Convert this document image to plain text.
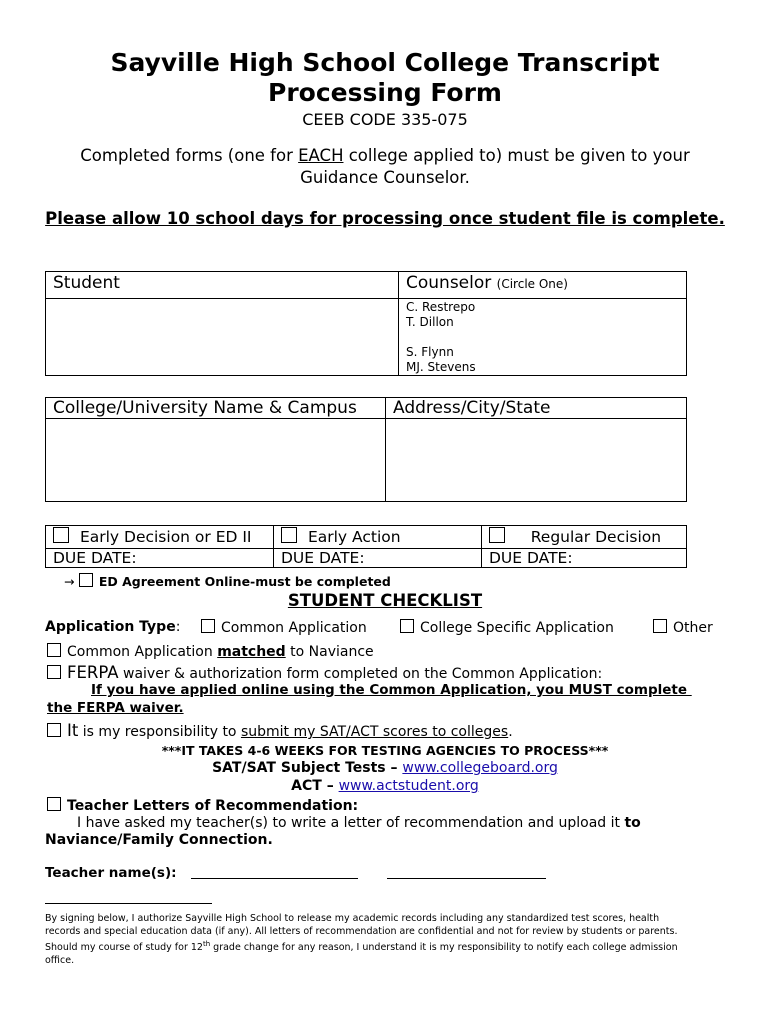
Sayville High School College Transcript
Processing Form
CEEB CODE 335-075
Completed forms (one for EACH college applied to) must be given to your Guidance Counselor.
Please allow 10 school days for processing once student file is complete.
Student	Counselor (Circle One)

	C. Restrepo
T. Dillon
S. Flynn
MJ. Stevens
College/University Name & Campus	Address/City/State

Early Decision or ED II	Early Action	Regular Decision
DUE DATE:	DUE DATE:	DUE DATE:
→ ED Agreement Online-must be completed
STUDENT CHECKLIST
Application Type:	Common Application	College Specific Application	Other
Common Application matched to Naviance
FERPA waiver & authorization form completed on the Common Application:
If you have applied online using the Common Application, you MUST complete
the FERPA waiver.
It is my responsibility to submit my SAT/ACT scores to colleges.
***IT TAKES 4-6 WEEKS FOR TESTING AGENCIES TO PROCESS***
SAT/SAT Subject Tests – www.collegeboard.org
ACT – www.actstudent.org
Teacher Letters of Recommendation:
I have asked my teacher(s) to write a letter of recommendation and upload it to
Naviance/Family Connection.
Teacher name(s):
By signing below, I authorize Sayville High School to release my academic records including any standardized test scores, health
records and special education data (if any). All letters of recommendation are confidential and not for review by students or parents.
Should my course of study for 12th grade change for any reason, I understand it is my responsibility to notify each college admission
office.
